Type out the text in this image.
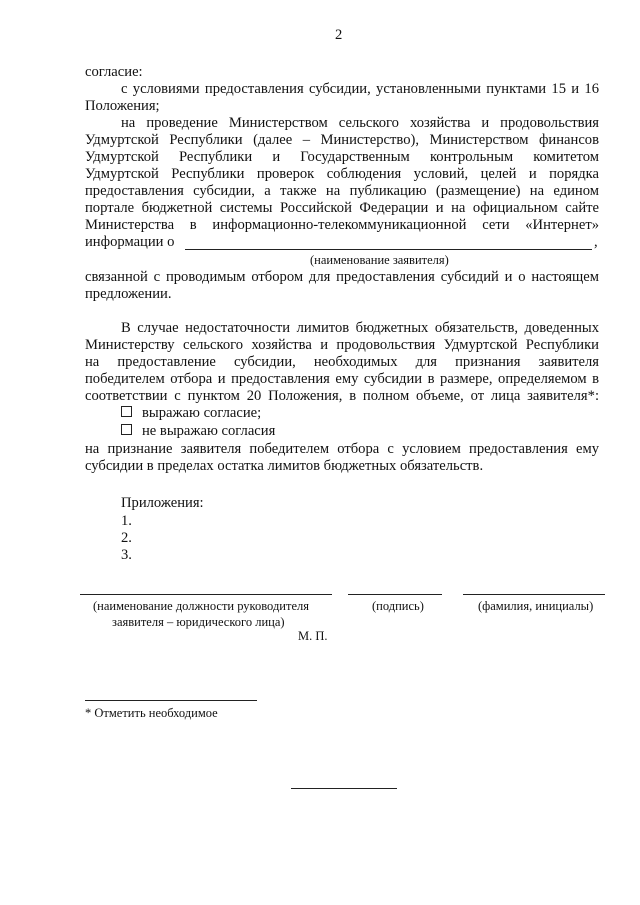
2
согласие:
с условиями предоставления субсидии, установленными пунктами 15 и 16
Положения;
на проведение Министерством сельского хозяйства и продовольствия
Удмуртской Республики (далее – Министерство), Министерством финансов
Удмуртской Республики и Государственным контрольным комитетом
Удмуртской Республики проверок соблюдения условий, целей и порядка
предоставления субсидии, а также на публикацию (размещение) на едином
портале бюджетной системы Российской Федерации и на официальном сайте
Министерства в информационно-телекоммуникационной сети «Интернет»
информации о	,
(наименование заявителя)
связанной с проводимым отбором для предоставления субсидий и о настоящем
предложении.
В случае недостаточности лимитов бюджетных обязательств, доведенных
Министерству сельского хозяйства и продовольствия Удмуртской Республики
на предоставление субсидии, необходимых для признания заявителя
победителем отбора и предоставления ему субсидии в размере, определяемом в
соответствии с пунктом 20 Положения, в полном объеме, от лица заявителя*:
выражаю согласие;
не выражаю согласия
на признание заявителя победителем отбора с условием предоставления ему
субсидии в пределах остатка лимитов бюджетных обязательств.
Приложения:
1.
2.
3.
(наименование должности руководителя
заявителя – юридического лица)
(подпись)	(фамилия, инициалы)
М. П.
* Отметить необходимое
